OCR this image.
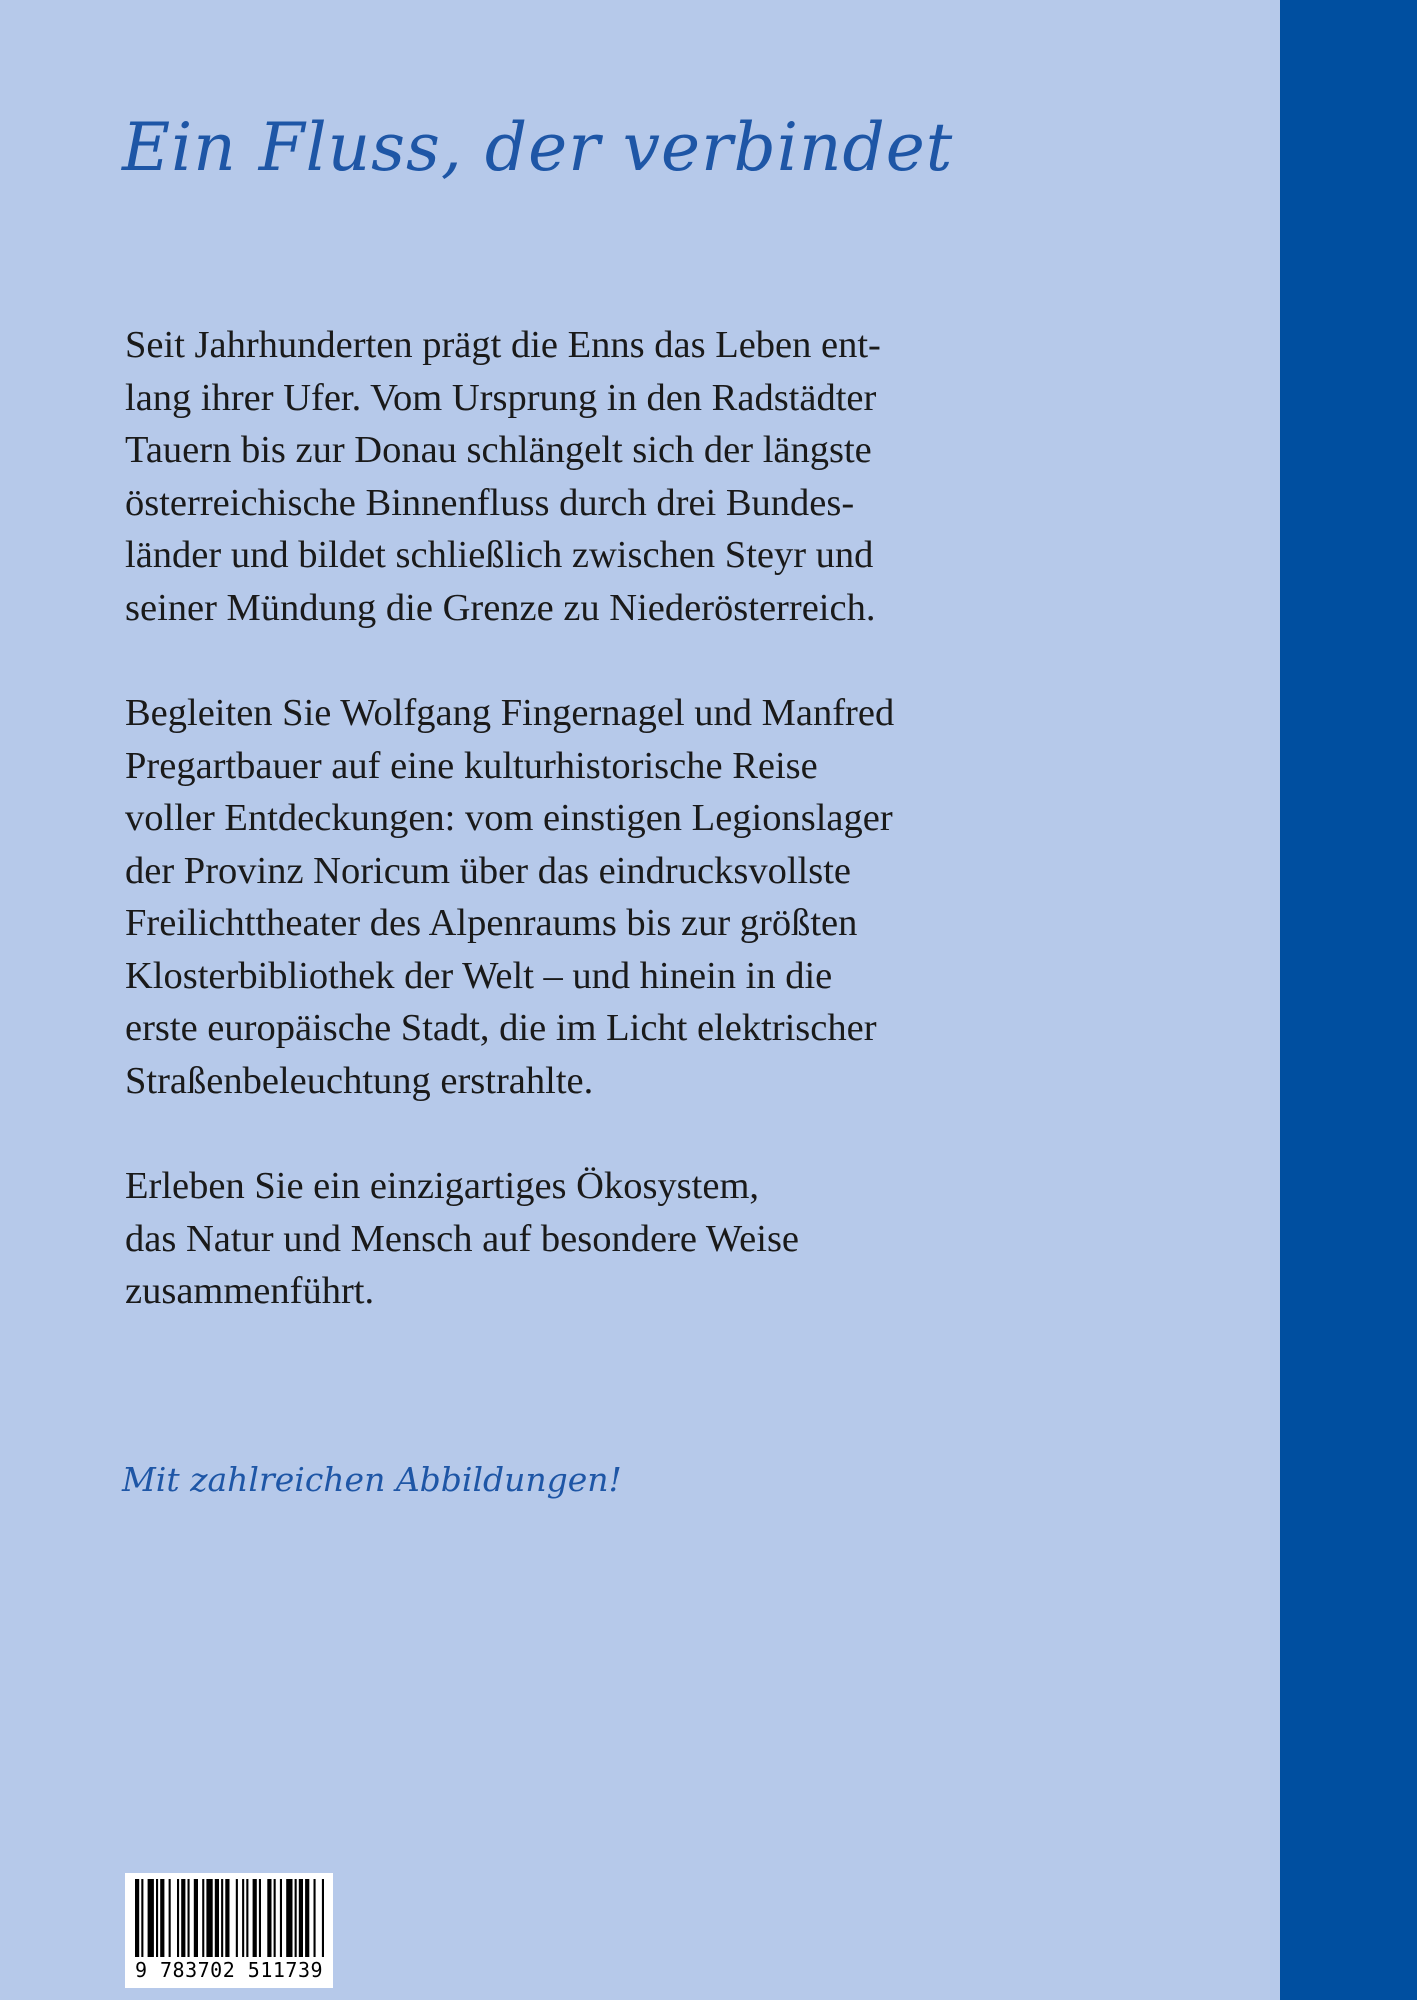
Ein Fluss, der verbindet

Seit Jahrhunderten prägt die Enns das Leben ent-
lang ihrer Ufer. Vom Ursprung in den Radstädter
Tauern bis zur Donau schlängelt sich der längste
österreichische Binnenfluss durch drei Bundes-
länder und bildet schließlich zwischen Steyr und
seiner Mündung die Grenze zu Niederösterreich.

Begleiten Sie Wolfgang Fingernagel und Manfred
Pregartbauer auf eine kulturhistorische Reise
voller Entdeckungen: vom einstigen Legionslager
der Provinz Noricum über das eindrucksvollste
Freilichttheater des Alpenraums bis zur größten
Klosterbibliothek der Welt – und hinein in die
erste europäische Stadt, die im Licht elektrischer
Straßenbeleuchtung erstrahlte.

Erleben Sie ein einzigartiges Ökosystem,
das Natur und Mensch auf besondere Weise
zusammenführt.

Mit zahlreichen Abbildungen!

9 783702 511739
